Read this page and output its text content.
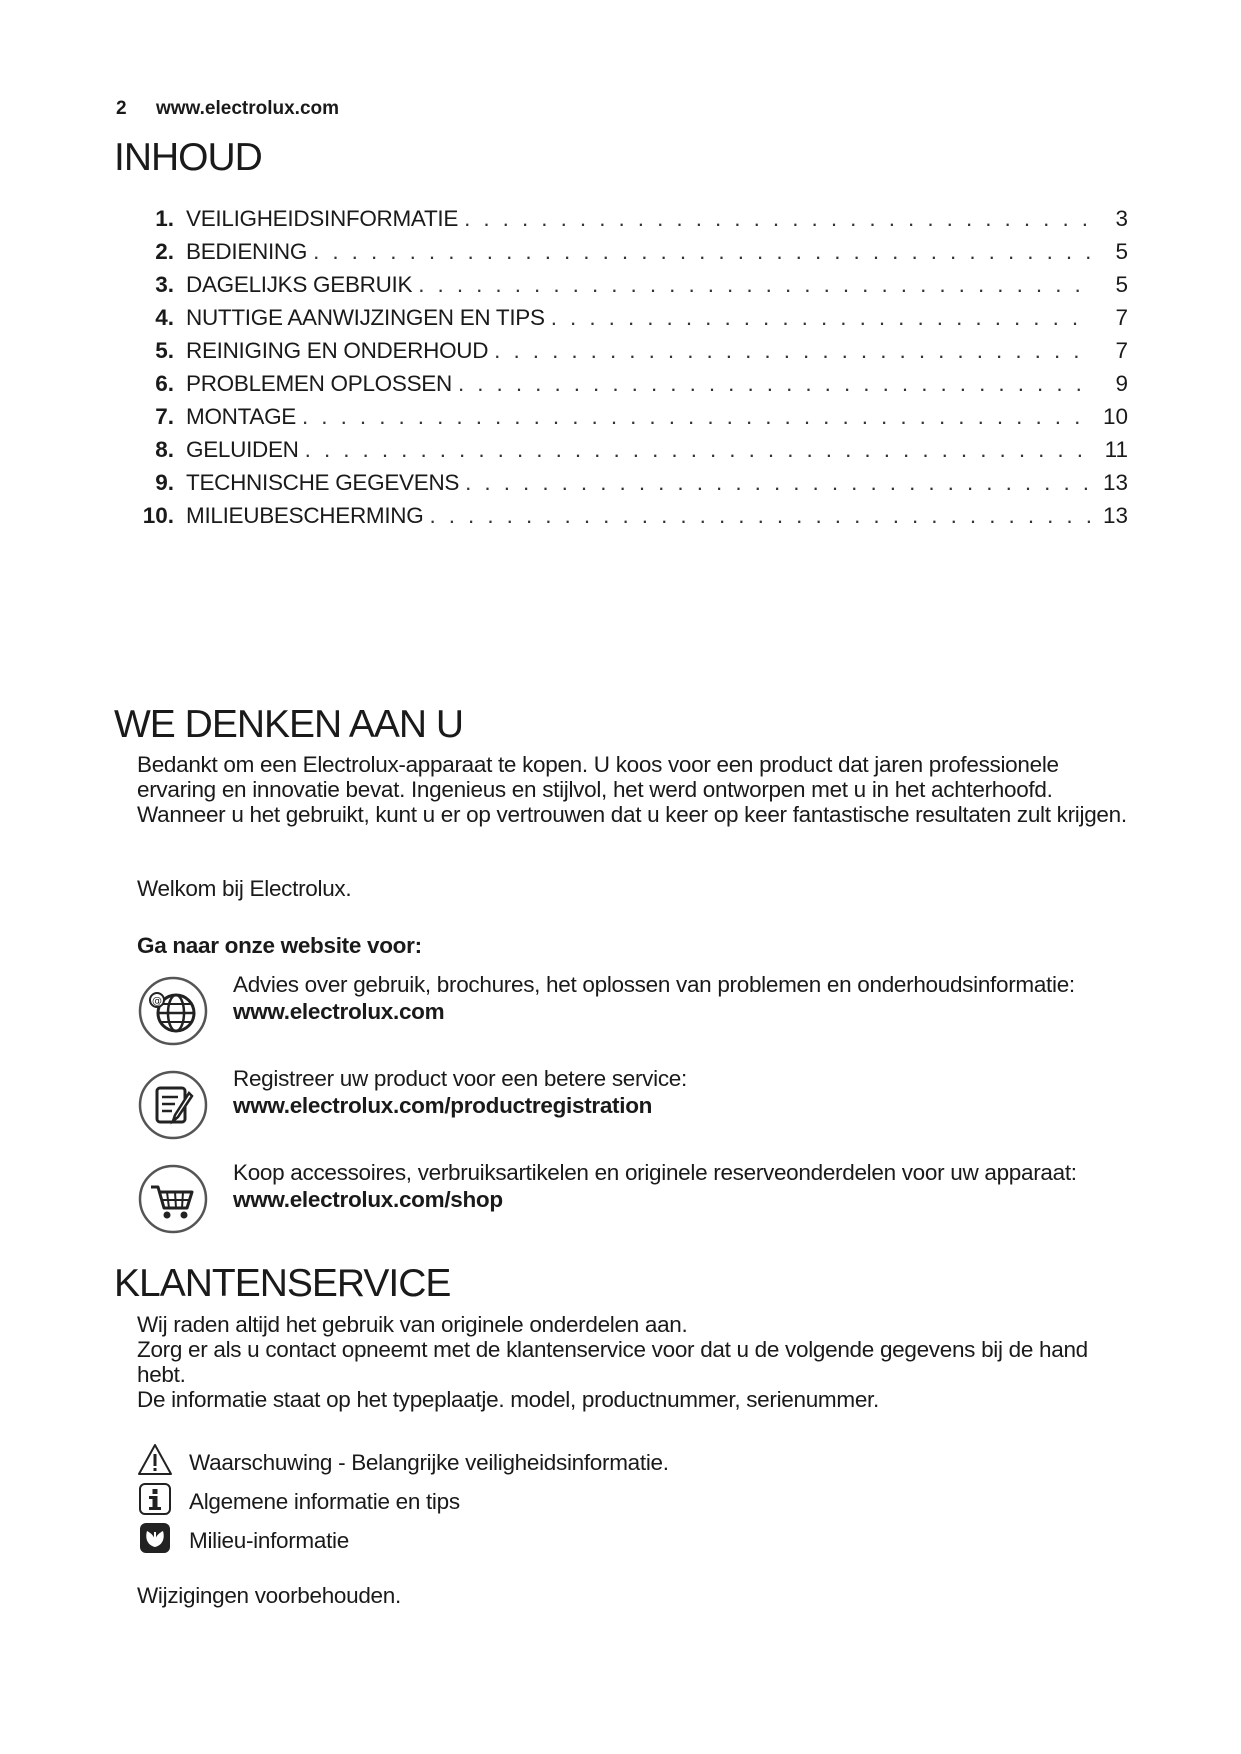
2 www.electrolux.com
INHOUD
1. VEILIGHEIDSINFORMATIE . . .	3
2. BEDIENING . . .	5
3. DAGELIJKS GEBRUIK . . .	5
4. NUTTIGE AANWIJZINGEN EN TIPS . . .	7
5. REINIGING EN ONDERHOUD . . .	7
6. PROBLEMEN OPLOSSEN . . .	9
7. MONTAGE . . .	10
8. GELUIDEN . . .	11
9. TECHNISCHE GEGEVENS . . .	13
10. MILIEUBESCHERMING . . .	13
WE DENKEN AAN U
Bedankt om een Electrolux-apparaat te kopen. U koos voor een product dat jaren professionele ervaring en innovatie bevat. Ingenieus en stijlvol, het werd ontworpen met u in het achterhoofd. Wanneer u het gebruikt, kunt u er op vertrouwen dat u keer op keer fantastische resultaten zult krijgen.
Welkom bij Electrolux.
Ga naar onze website voor:
@
Advies over gebruik, brochures, het oplossen van problemen en onderhoudsinformatie:
www.electrolux.com
Registreer uw product voor een betere service:
www.electrolux.com/productregistration
Koop accessoires, verbruiksartikelen en originele reserveonderdelen voor uw apparaat:
www.electrolux.com/shop
KLANTENSERVICE

Wij raden altijd het gebruik van originele onderdelen aan.

Zorg er als u contact opneemt met de klantenservice voor dat u de volgende gegevens bij de hand hebt.

De informatie staat op het typeplaatje. model, productnummer, serienummer.

Waarschuwing - Belangrijke veiligheidsinformatie.
Algemene informatie en tips
Milieu-informatie
Wijzigingen voorbehouden.
